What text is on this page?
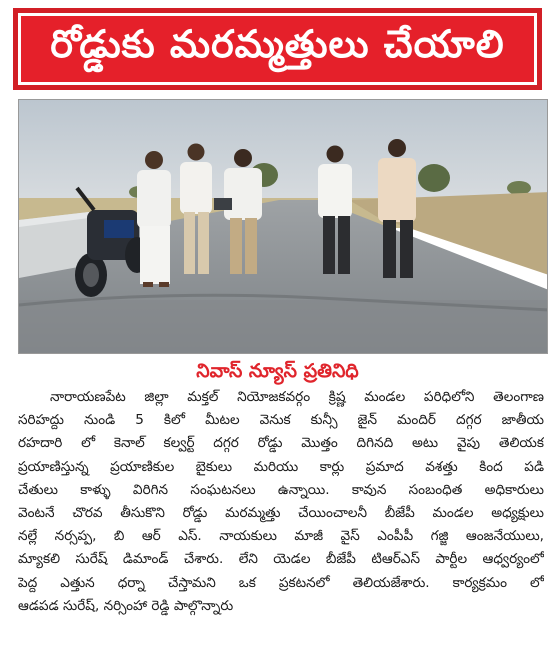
రోడ్డుకు మరమ్మత్తులు చేయాలి
నివాస్ న్యూస్ ప్రతినిధి
నారాయణపేట జిల్లా మక్తల్ నియోజకవర్గం క్రిష్ణ మండల పరిధిలోని తెలంగాణ
సరిహద్దు నుండి 5 కిలో మీటల వెనుక కున్సీ జైన్ మందిర్ దగ్గర జాతీయ
రహదారి లో కెనాల్ కల్వర్ట్ దగ్గర రోడ్డు మొత్తం దిగినది అటు వైపు తెలియక
ప్రయాణిస్తున్న ప్రయాణికుల బైకులు మరియు కార్లు ప్రమాద వశత్తు కింద పడి
చేతులు కాళ్ళు విరిగిన సంఘటనలు ఉన్నాయి. కావున సంబంధిత అధికారులు
వెంటనే చొరవ తీసుకొని రోడ్డు మరమ్మత్తు చేయించాలనీ బీజేపీ మండల అధ్యక్షులు
నల్లే నర్సప్ప, బి ఆర్ ఎస్. నాయకులు మాజీ వైస్ ఎంపీపీ గజ్జి ఆంజనేయులు,
మ్యాకలి సురేష్ డిమాండ్ చేశారు. లేని యెడల బీజేపీ టిఆర్ఎస్ పార్టీల ఆధ్వర్యంలో
పెద్ద ఎత్తున ధర్నా చేస్తామని ఒక ప్రకటనలో తెలియజేశారు. కార్యక్రమం లో
ఆడపడ సురేష్, నర్సింహా రెడ్డి పాల్గొన్నారు
